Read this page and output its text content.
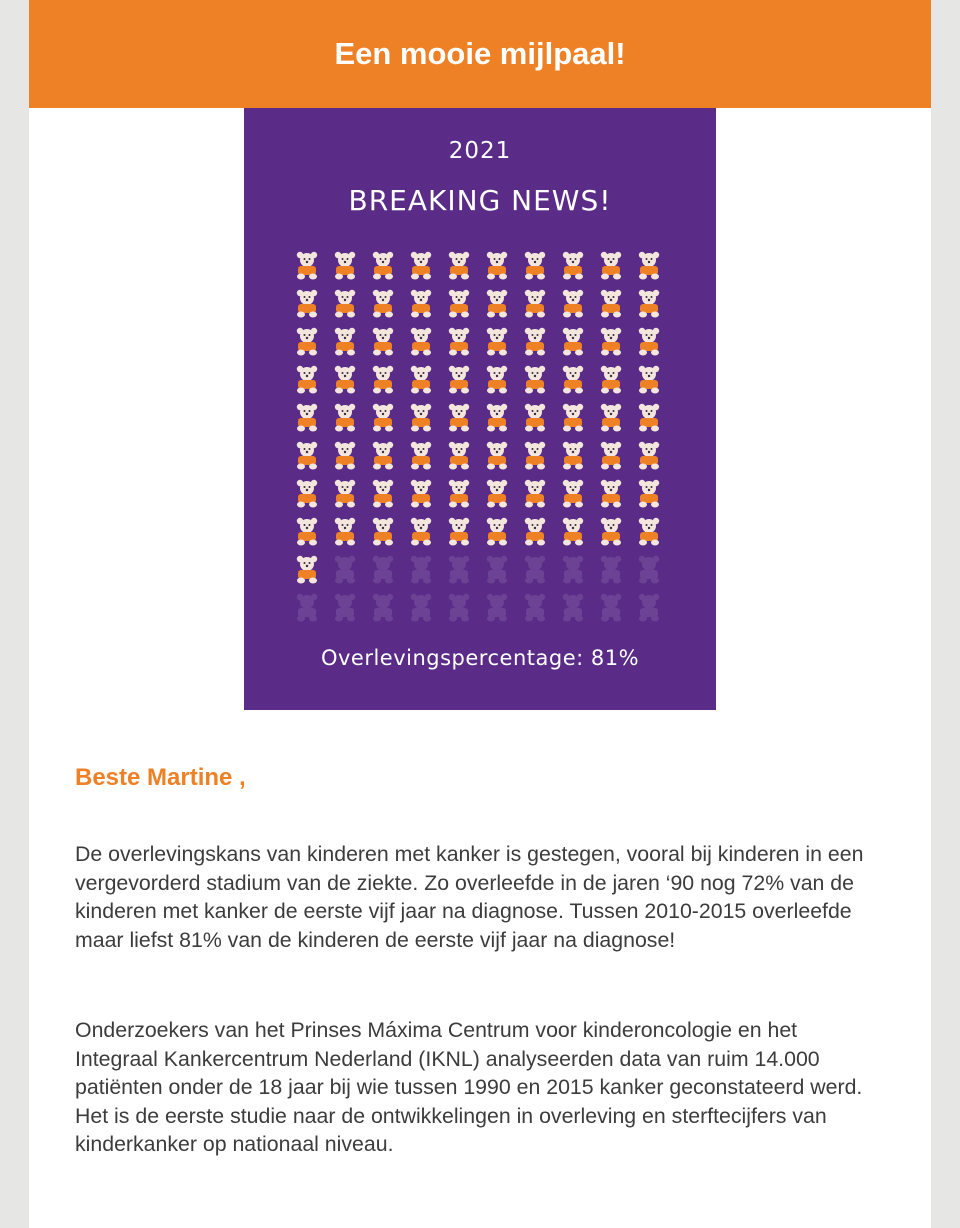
Een mooie mijlpaal!
2021
BREAKING NEWS!
Overlevingspercentage: 81%

Beste Martine ,

De overlevingskans van kinderen met kanker is gestegen, vooral bij kinderen in een vergevorderd stadium van de ziekte. Zo overleefde in de jaren ‘90 nog 72% van de kinderen met kanker de eerste vijf jaar na diagnose. Tussen 2010-2015 overleefde maar liefst 81% van de kinderen de eerste vijf jaar na diagnose!

Onderzoekers van het Prinses Máxima Centrum voor kinderoncologie en het Integraal Kankercentrum Nederland (IKNL) analyseerden data van ruim 14.000 patiënten onder de 18 jaar bij wie tussen 1990 en 2015 kanker geconstateerd werd. Het is de eerste studie naar de ontwikkelingen in overleving en sterftecijfers van kinderkanker op nationaal niveau.
